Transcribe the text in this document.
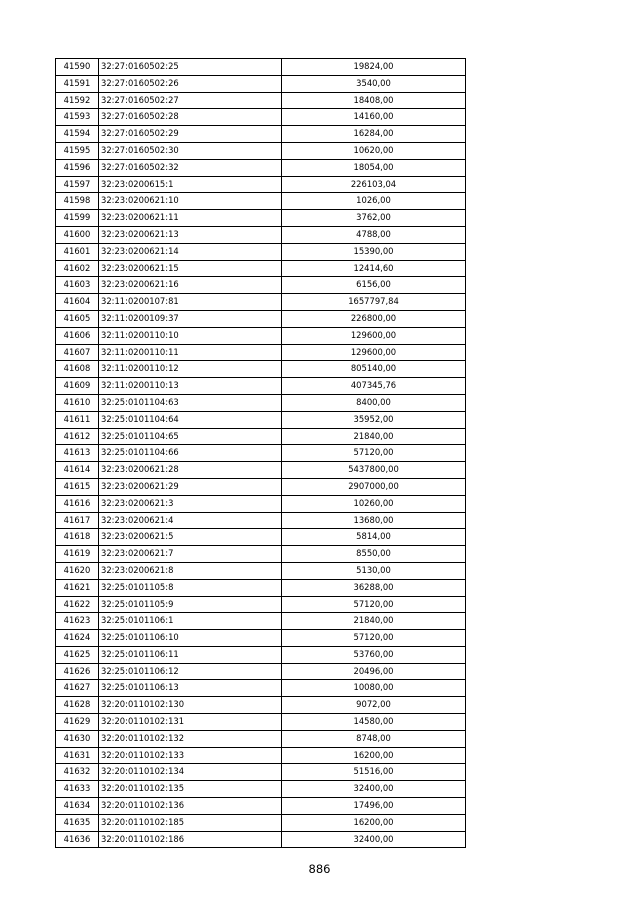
41590	32:27:0160502:25	19824,00
41591	32:27:0160502:26	3540,00
41592	32:27:0160502:27	18408,00
41593	32:27:0160502:28	14160,00
41594	32:27:0160502:29	16284,00
41595	32:27:0160502:30	10620,00
41596	32:27:0160502:32	18054,00
41597	32:23:0200615:1	226103,04
41598	32:23:0200621:10	1026,00
41599	32:23:0200621:11	3762,00
41600	32:23:0200621:13	4788,00
41601	32:23:0200621:14	15390,00
41602	32:23:0200621:15	12414,60
41603	32:23:0200621:16	6156,00
41604	32:11:0200107:81	1657797,84
41605	32:11:0200109:37	226800,00
41606	32:11:0200110:10	129600,00
41607	32:11:0200110:11	129600,00
41608	32:11:0200110:12	805140,00
41609	32:11:0200110:13	407345,76
41610	32:25:0101104:63	8400,00
41611	32:25:0101104:64	35952,00
41612	32:25:0101104:65	21840,00
41613	32:25:0101104:66	57120,00
41614	32:23:0200621:28	5437800,00
41615	32:23:0200621:29	2907000,00
41616	32:23:0200621:3	10260,00
41617	32:23:0200621:4	13680,00
41618	32:23:0200621:5	5814,00
41619	32:23:0200621:7	8550,00
41620	32:23:0200621:8	5130,00
41621	32:25:0101105:8	36288,00
41622	32:25:0101105:9	57120,00
41623	32:25:0101106:1	21840,00
41624	32:25:0101106:10	57120,00
41625	32:25:0101106:11	53760,00
41626	32:25:0101106:12	20496,00
41627	32:25:0101106:13	10080,00
41628	32:20:0110102:130	9072,00
41629	32:20:0110102:131	14580,00
41630	32:20:0110102:132	8748,00
41631	32:20:0110102:133	16200,00
41632	32:20:0110102:134	51516,00
41633	32:20:0110102:135	32400,00
41634	32:20:0110102:136	17496,00
41635	32:20:0110102:185	16200,00
41636	32:20:0110102:186	32400,00
886
